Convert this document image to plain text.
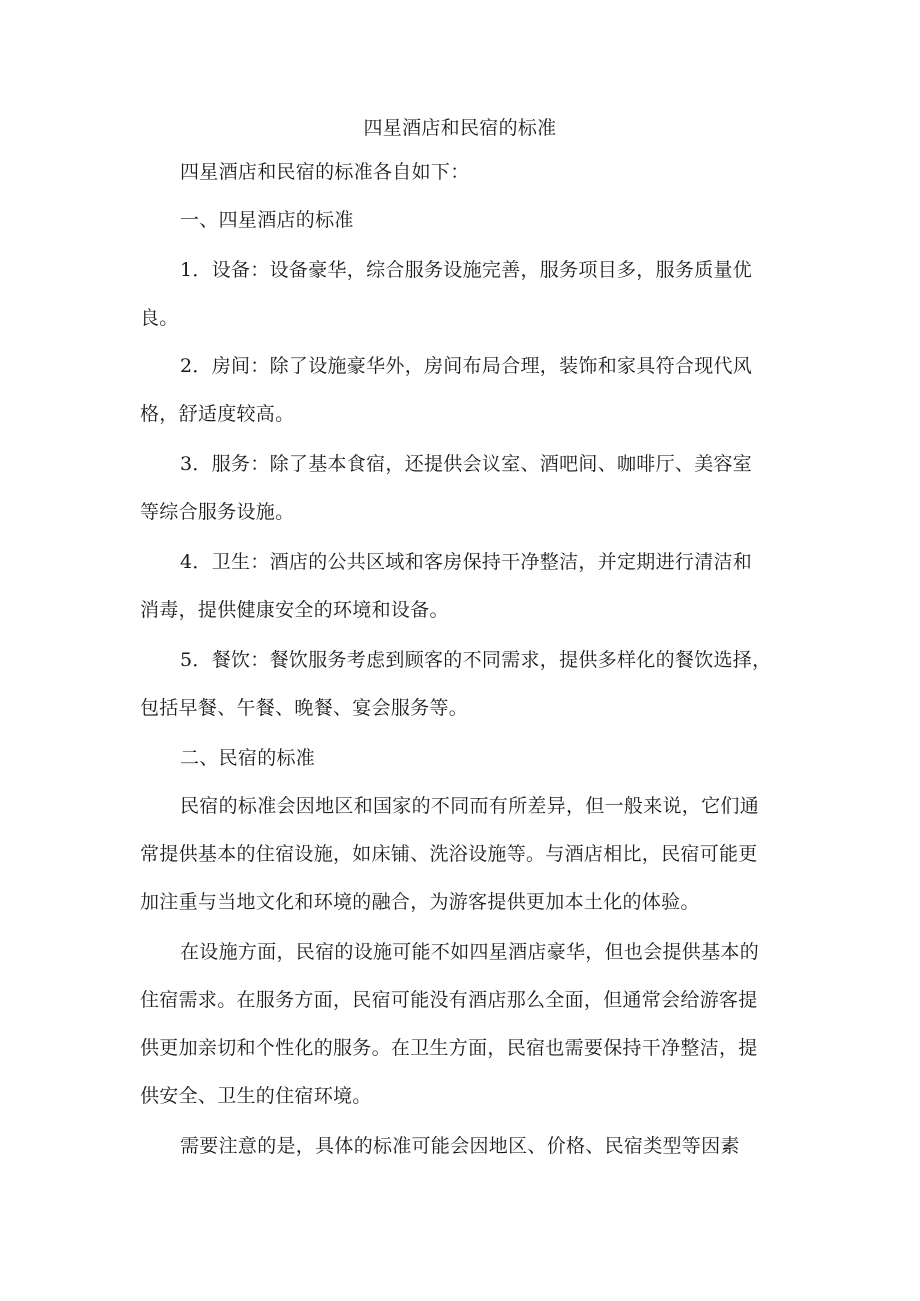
四星酒店和民宿的标准
四星酒店和民宿的标准各自如下：
一、四星酒店的标准
1．设备：设备豪华，综合服务设施完善，服务项目多，服务质量优
良。
2．房间：除了设施豪华外，房间布局合理，装饰和家具符合现代风
格，舒适度较高。
3．服务：除了基本食宿，还提供会议室、酒吧间、咖啡厅、美容室
等综合服务设施。
4．卫生：酒店的公共区域和客房保持干净整洁，并定期进行清洁和
消毒，提供健康安全的环境和设备。
5．餐饮：餐饮服务考虑到顾客的不同需求，提供多样化的餐饮选择，
包括早餐、午餐、晚餐、宴会服务等。
二、民宿的标准
民宿的标准会因地区和国家的不同而有所差异，但一般来说，它们通
常提供基本的住宿设施，如床铺、洗浴设施等。与酒店相比，民宿可能更
加注重与当地文化和环境的融合，为游客提供更加本土化的体验。
在设施方面，民宿的设施可能不如四星酒店豪华，但也会提供基本的
住宿需求。在服务方面，民宿可能没有酒店那么全面，但通常会给游客提
供更加亲切和个性化的服务。在卫生方面，民宿也需要保持干净整洁，提
供安全、卫生的住宿环境。
需要注意的是，具体的标准可能会因地区、价格、民宿类型等因素
